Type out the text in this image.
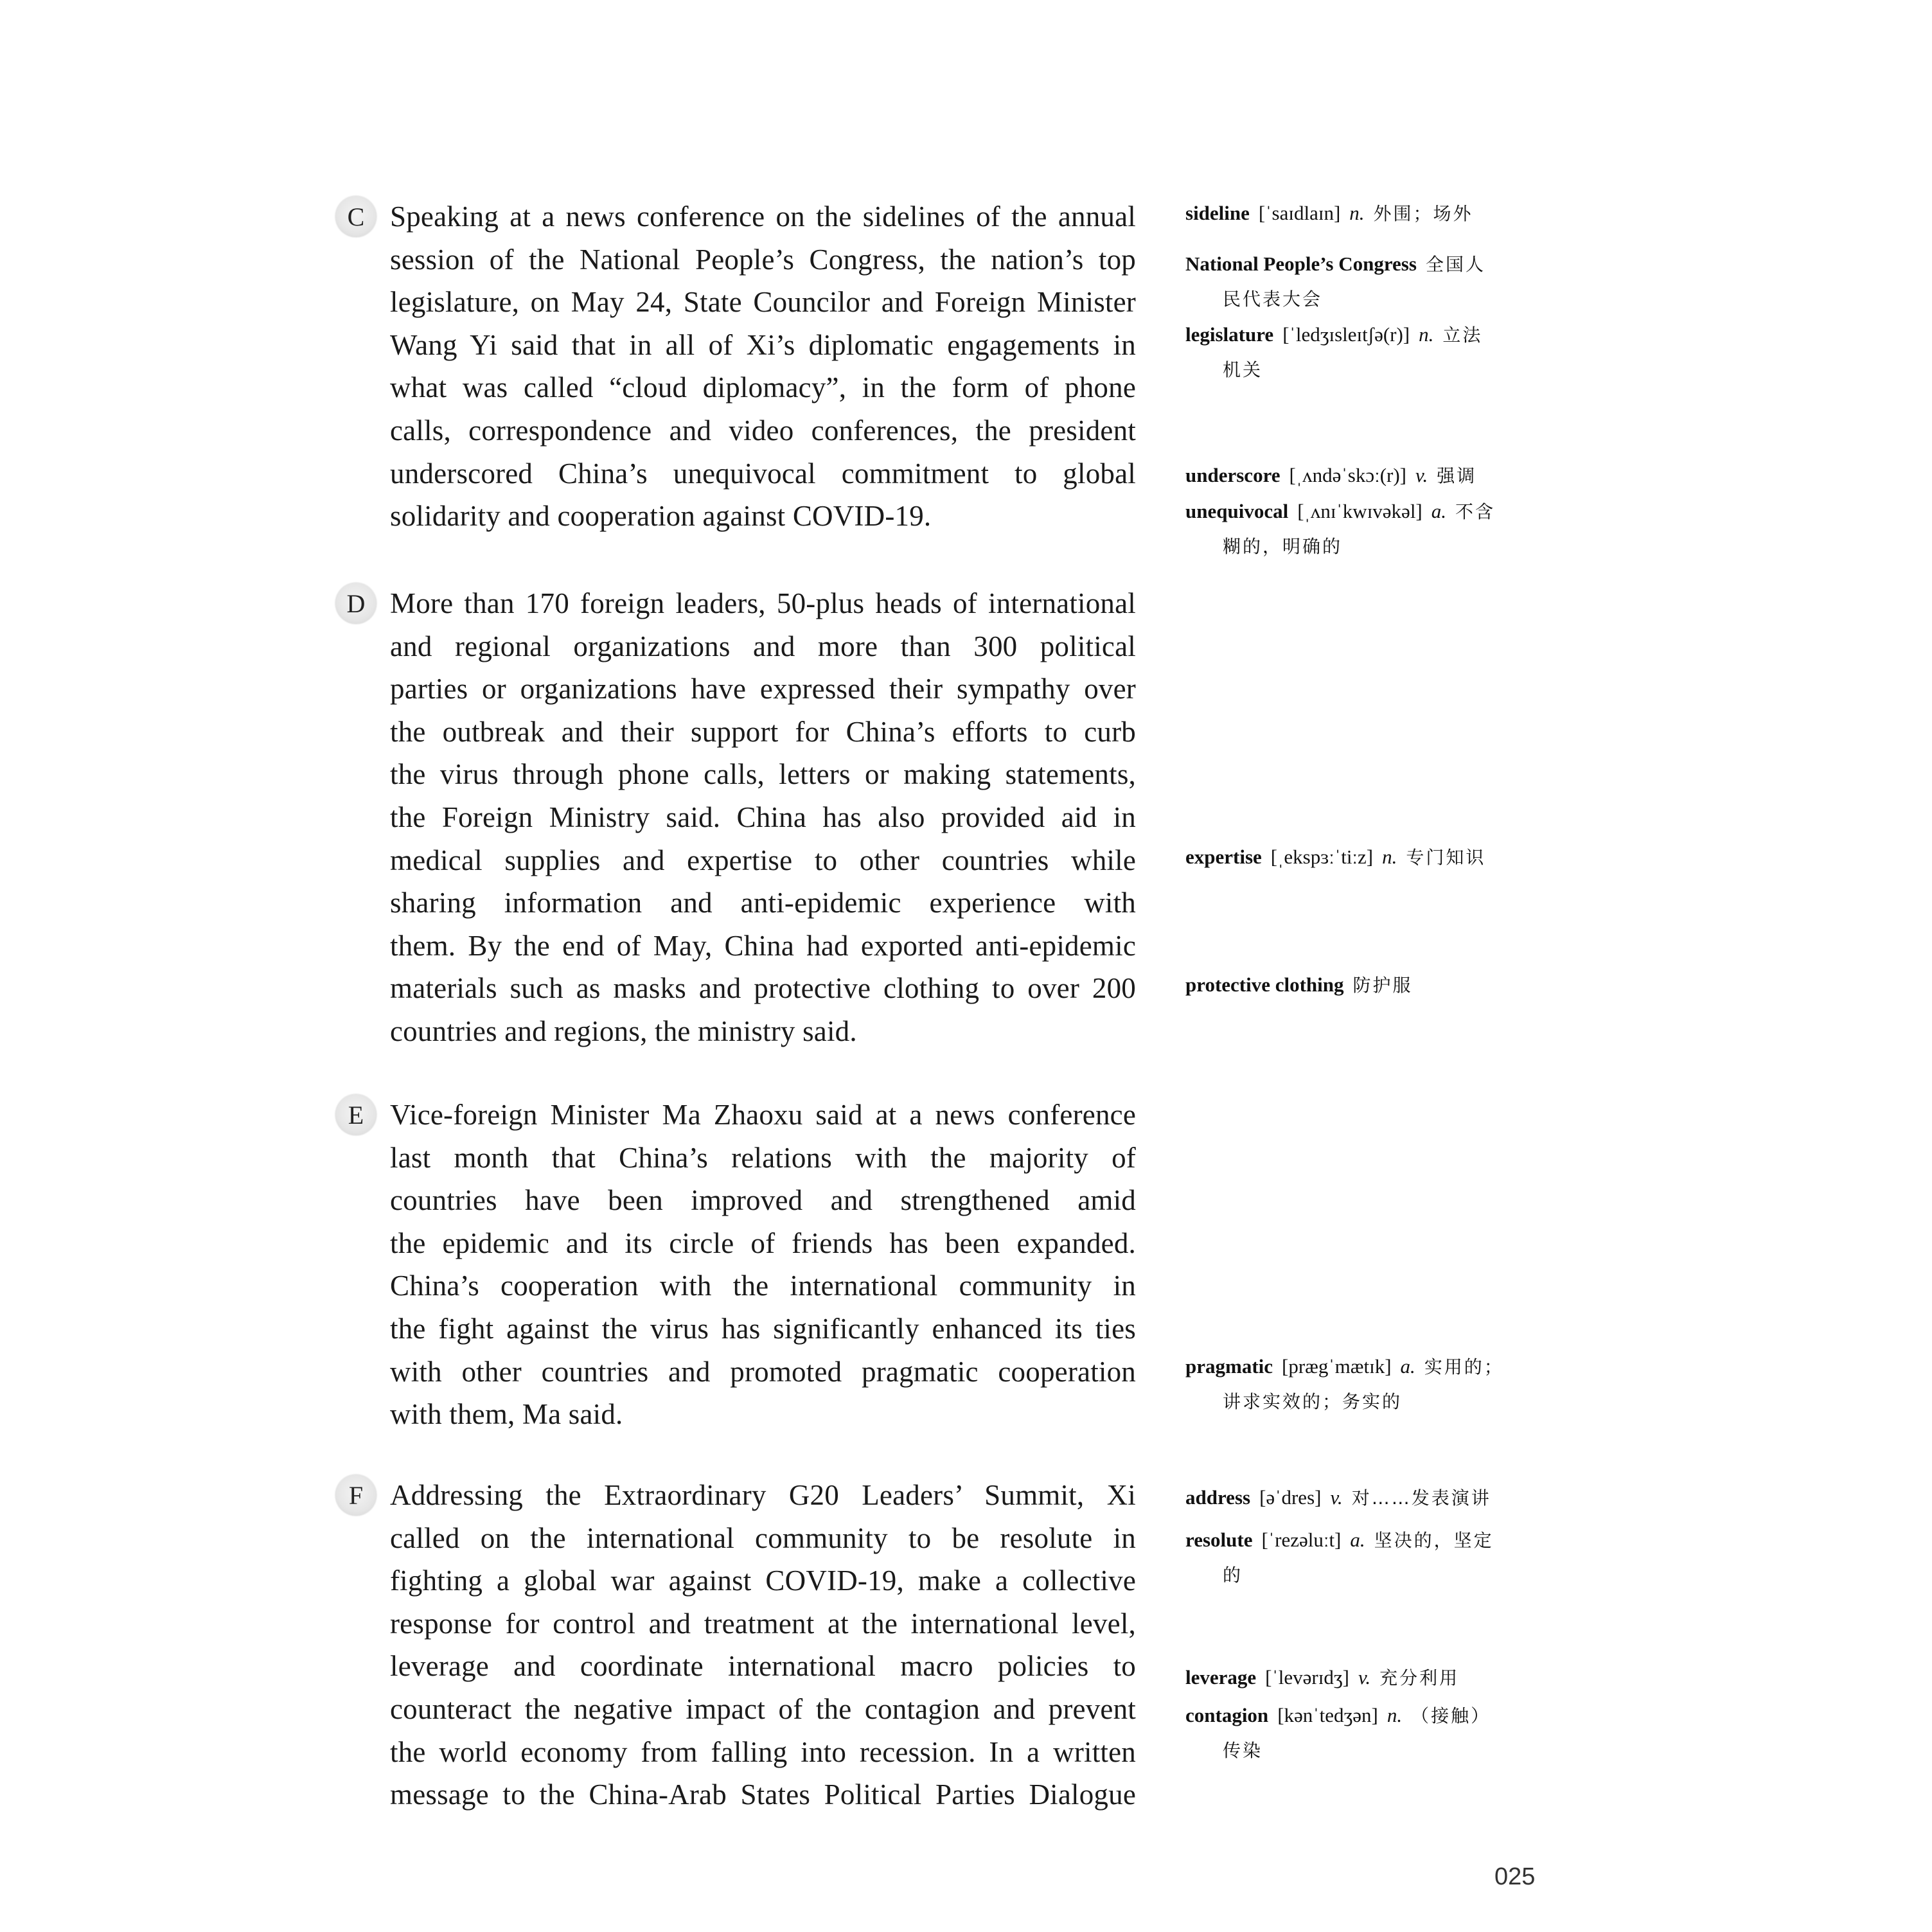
C Speaking at a news conference on the sidelines of the annual
session of the National People’s Congress, the nation’s top
legislature, on May 24, State Councilor and Foreign Minister
Wang Yi said that in all of Xi’s diplomatic engagements in
what was called “cloud diplomacy”, in the form of phone
calls, correspondence and video conferences, the president
underscored China’s unequivocal commitment to global
solidarity and cooperation against COVID-19.
D More than 170 foreign leaders, 50-plus heads of international
and regional organizations and more than 300 political
parties or organizations have expressed their sympathy over
the outbreak and their support for China’s efforts to curb
the virus through phone calls, letters or making statements,
the Foreign Ministry said. China has also provided aid in
medical supplies and expertise to other countries while
sharing information and anti-epidemic experience with
them. By the end of May, China had exported anti-epidemic
materials such as masks and protective clothing to over 200
countries and regions, the ministry said.
E Vice-foreign Minister Ma Zhaoxu said at a news conference
last month that China’s relations with the majority of
countries have been improved and strengthened amid
the epidemic and its circle of friends has been expanded.
China’s cooperation with the international community in
the fight against the virus has significantly enhanced its ties
with other countries and promoted pragmatic cooperation
with them, Ma said.
F Addressing the Extraordinary G20 Leaders’ Summit, Xi
called on the international community to be resolute in
fighting a global war against COVID-19, make a collective
response for control and treatment at the international level,
leverage and coordinate international macro policies to
counteract the negative impact of the contagion and prevent
the world economy from falling into recession. In a written
message to the China-Arab States Political Parties Dialogue
sideline [ˈsaɪdlaɪn] n. 外围；场外
National People’s Congress 全国人
民代表大会
legislature [ˈledʒɪsleɪtʃə(r)] n. 立法
机关
underscore [ˌʌndəˈskɔː(r)] v. 强调
unequivocal [ˌʌnɪˈkwɪvəkəl] a. 不含
糊的，明确的
expertise [ˌekspɜːˈtiːz] n. 专门知识
protective clothing 防护服
pragmatic [prægˈmætɪk] a. 实用的；
讲求实效的；务实的
address [əˈdres] v. 对……发表演讲
resolute [ˈrezəluːt] a. 坚决的，坚定
的
leverage [ˈlevərɪdʒ] v. 充分利用
contagion [kənˈtedʒən] n. （接触）
传染
025
